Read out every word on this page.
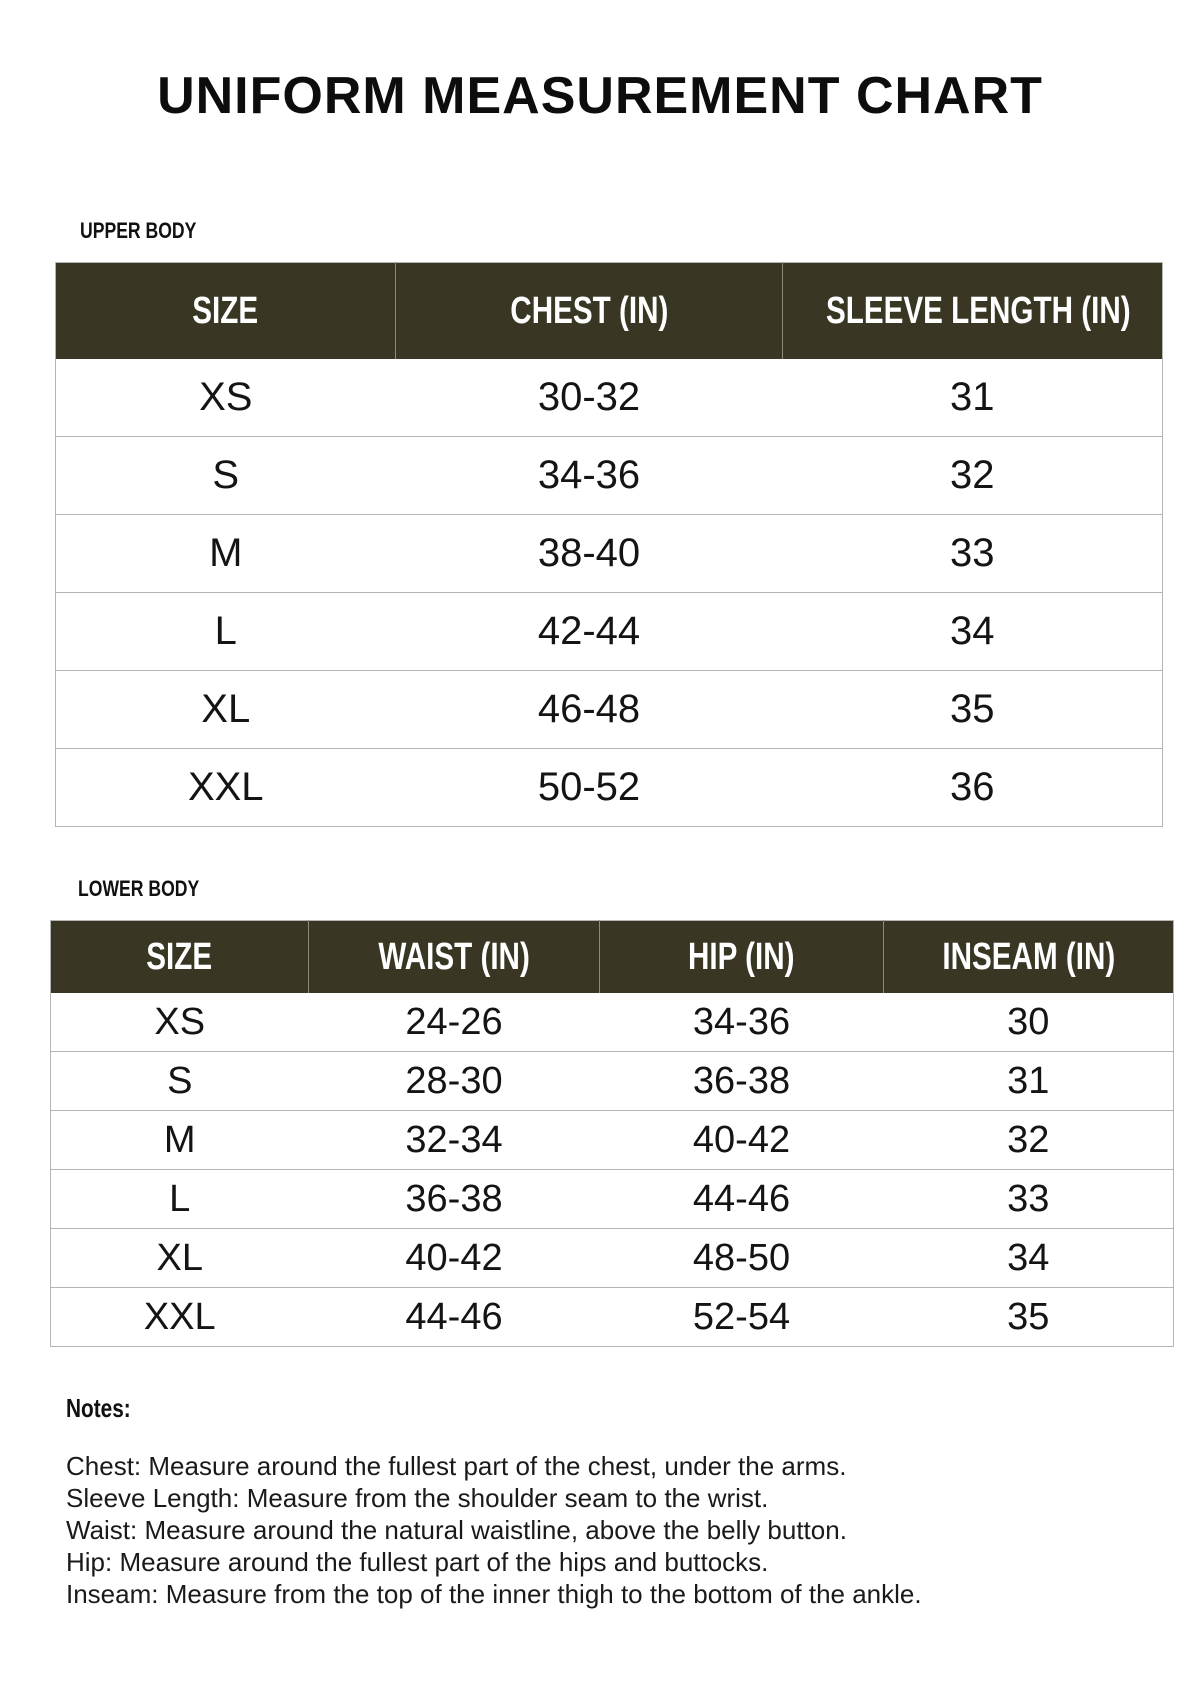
UNIFORM MEASUREMENT CHART
UPPER BODY
SIZE	CHEST (IN)	SLEEVE LENGTH (IN)
XS	30-32	31
S	34-36	32
M	38-40	33
L	42-44	34
XL	46-48	35
XXL	50-52	36
LOWER BODY
SIZE	WAIST (IN)	HIP (IN)	INSEAM (IN)
XS	24-26	34-36	30
S	28-30	36-38	31
M	32-34	40-42	32
L	36-38	44-46	33
XL	40-42	48-50	34
XXL	44-46	52-54	35
Notes:
Chest: Measure around the fullest part of the chest, under the arms.
Sleeve Length: Measure from the shoulder seam to the wrist.
Waist: Measure around the natural waistline, above the belly button.
Hip: Measure around the fullest part of the hips and buttocks.
Inseam: Measure from the top of the inner thigh to the bottom of the ankle.
